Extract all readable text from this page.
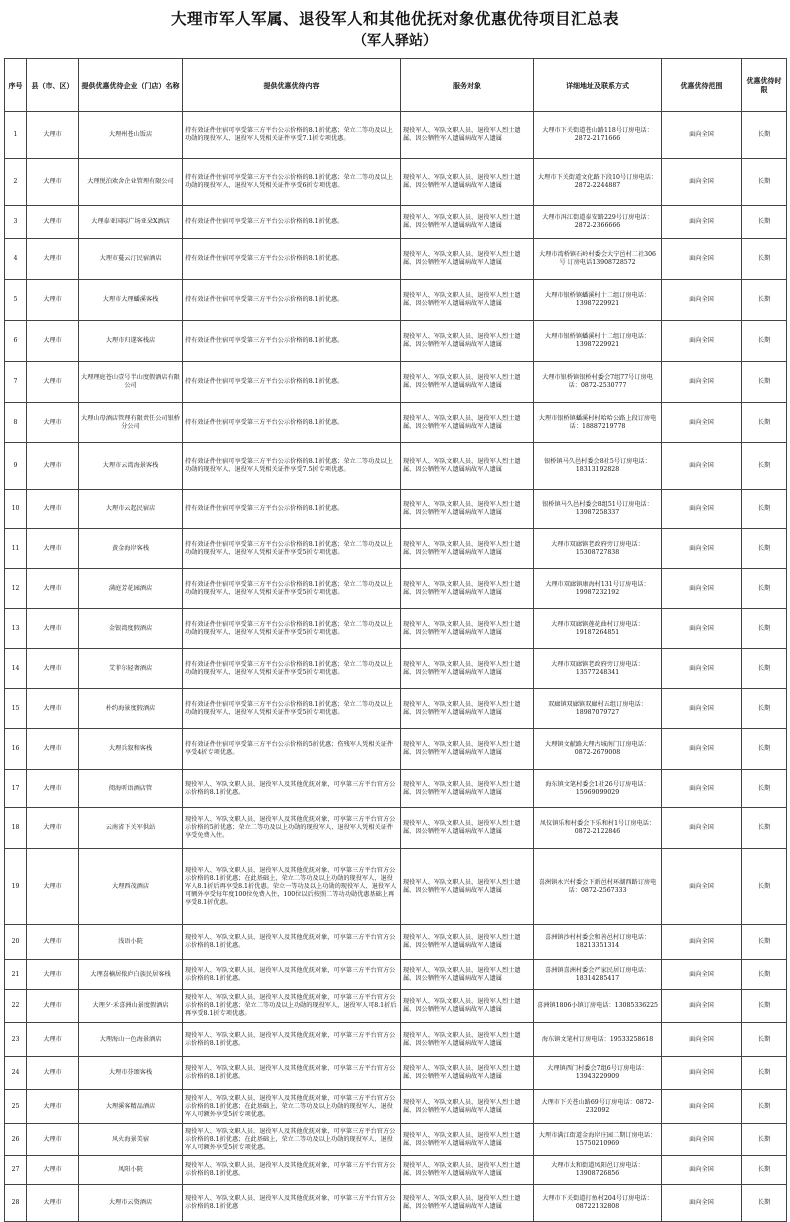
大理市军人军属、退役军人和其他优抚对象优惠优待项目汇总表
（军人驿站）
序号	县（市、区）	提供优惠优待企业（门店）名称	提供优惠优待内容	服务对象	详细地址及联系方式	优惠优待范围	优惠优待时限
1	大理市	大理州苍山饭店	持有效证件住宿可享受第三方平台公示价格的8.1折优惠；荣立二等功及以上功勋的现役军人、退役军人凭相关证件享受7.1折专项优惠。	现役军人、军队文职人员、退役军人烈士遗属、因公牺牲军人遗属病故军人遗属	大理市下关街道苍山路118号订房电话：2872-2171666	面向全国	长期
2	大理市	大理悦泊欢舍企业管理有限公司	持有效证件住宿可享受第三方平台公示价格的8.1折优惠；荣立二等功及以上功勋的现役军人、退役军人凭相关证件享受6折专项优惠。	现役军人、军队文职人员、退役军人烈士遗属、因公牺牲军人遗属病故军人遗属	大理市下关街道文化路下段10号订房电话：2872-2244887	面向全国	长期
3	大理市	大理泰亚国际广场亚朵X酒店	持有效证件住宿可享受第三方平台公示价格的8.1折优惠。	现役军人、军队文职人员、退役军人烈士遗属、因公牺牲军人遗属病故军人遗属	大理市洱江街道泰安路229号订房电话：2872-2366666	面向全国	长期
4	大理市	大理市蔓云汀民宿酒店	持有效证件住宿可享受第三方平台公示价格的8.1折优惠。	现役军人、军队文职人员、退役军人烈士遗属、因公牺牲军人遗属病故军人遗属	大理市湾桥镇石岭村委会大宁邑村二社306号 订房电话13908728572	面向全国	长期
5	大理市	大理市大理蟠溪客栈	持有效证件住宿可享受第三方平台公示价格的8.1折优惠。	现役军人、军队文职人员、退役军人烈士遗属、因公牺牲军人遗属病故军人遗属	大理市银桥镇蟠溪村十二组订房电话：13987229921	面向全国	长期
6	大理市	大理市归遂客栈店	持有效证件住宿可享受第三方平台公示价格的8.1折优惠。	现役军人、军队文职人员、退役军人烈士遗属、因公牺牲军人遗属病故军人遗属	大理市银桥镇蟠溪村十二组订房电话：13987229921	面向全国	长期
7	大理市	大理理庭苍山壹号半山度假酒店有限公司	持有效证件住宿可享受第三方平台公示价格的8.1折优惠。	现役军人、军队文职人员、退役军人烈士遗属、因公牺牲军人遗属病故军人遗属	大理市银桥镇银桥村委会7组77号订房电话：0872-2530777	面向全国	长期
8	大理市	大理山母酒店管理有限责任公司银桥分公司	持有效证件住宿可享受第三方平台公示价格的8.1折优惠。	现役军人、军队文职人员、退役军人烈士遗属、因公牺牲军人遗属病故军人遗属	大理市银桥镇蟠溪村村哈哈公路上段订房电话：18887219778	面向全国	长期
9	大理市	大理市云湾海景客栈	持有效证件住宿可享受第三方平台公示价格的8.1折优惠；荣立二等功及以上功勋的现役军人、退役军人凭相关证件享受7.5折专项优惠。	现役军人、军队文职人员、退役军人烈士遗属、因公牺牲军人遗属病故军人遗属	银桥镇马久邑村委会8社5号订房电话：18313192828	面向全国	长期
10	大理市	大理市云起民宿店	持有效证件住宿可享受第三方平台公示价格的8.1折优惠。	现役军人、军队文职人员、退役军人烈士遗属、因公牺牲军人遗属病故军人遗属	银桥镇马久邑村委会8组51号订房电话：13987258337	面向全国	长期
11	大理市	黄金海岸客栈	持有效证件住宿可享受第三方平台公示价格的8.1折优惠；荣立二等功及以上功勋的现役军人、退役军人凭相关证件享受5折专项优惠。	现役军人、军队文职人员、退役军人烈士遗属、因公牺牲军人遗属病故军人遗属	大理市双廊镇老政府旁订房电话：15308727838	面向全国	长期
12	大理市	满庭芳花园酒店	持有效证件住宿可享受第三方平台公示价格的8.1折优惠；荣立二等功及以上功勋的现役军人、退役军人凭相关证件享受5折专项优惠。	现役军人、军队文职人员、退役军人烈士遗属、因公牺牲军人遗属病故军人遗属	大理市双廊镇康海村131号订房电话：19987232192	面向全国	长期
13	大理市	金银湾度假酒店	持有效证件住宿可享受第三方平台公示价格的8.1折优惠；荣立二等功及以上功勋的现役军人、退役军人凭相关证件享受5折专项优惠。	现役军人、军队文职人员、退役军人烈士遗属、因公牺牲军人遗属病故军人遗属	大理市双廊镇莲花曲村订房电话：19187264851	面向全国	长期
14	大理市	艾菲尔轻奢酒店	持有效证件住宿可享受第三方平台公示价格的8.1折优惠；荣立二等功及以上功勋的现役军人、退役军人凭相关证件享受5折专项优惠。	现役军人、军队文职人员、退役军人烈士遗属、因公牺牲军人遗属病故军人遗属	大理市双廊镇老政府旁订房电话：13577248341	面向全国	长期
15	大理市	朴约海景度假酒店	持有效证件住宿可享受第三方平台公示价格的8.1折优惠；荣立二等功及以上功勋的现役军人、退役军人凭相关证件享受5折专项优惠。	现役军人、军队文职人员、退役军人烈士遗属、因公牺牲军人遗属病故军人遗属	双廊镇双廊镇双廊村五组订房电话：18987079727	面向全国	长期
16	大理市	大理兵叙和客栈	持有效证件住宿可享受第三方平台公示价格的5折优惠；伤残军人凭相关证件享受4折专项优惠。	现役军人、军队文职人员、退役军人烈士遗属、因公牺牲军人遗属病故军人遗属	大理镇文献路大理古城南门订房电话：0872-2679008	面向全国	长期
17	大理市	阅海听语酒店管	现役军人、军队文职人员、退役军人及其他优抚对象，可享第三方平台官方公示价格的8.1折优惠。	现役军人、军队文职人员、退役军人烈士遗属、因公牺牲军人遗属病故军人遗属	海东镇文笔村委会1社26号订房电话：15969099029	面向全国	长期
18	大理市	云南省下关军供站	现役军人、军队文职人员、退役军人及其他优抚对象，可享第三方平台官方公示价格的5折优惠；荣立二等功及以上功勋的现役军人、退役军人凭相关证件享受免费入住。	现役军人、军队文职人员、退役军人烈士遗属、因公牺牲军人遗属病故军人遗属	凤仪镇乐和村委会下乐和村1号订房电话：0872-2122846	面向全国	长期
19	大理市	大理西茂酒店	现役军人、军队文职人员、退役军人及其他优抚对象，可享第三方平台官方公示价格的8.1折优惠；在此基础上，荣立二等功及以上功勋的现役军人、退役军人8.1折后再享受8.1折优惠。荣立一等功及以上功勋的现役军人、退役军人可额外享受每年度100位免费入住，100位以后按照二等功功勋优惠基础上再享受8.1折优惠。	现役军人、军队文职人员、退役军人烈士遗属、因公牺牲军人遗属病故军人遗属	喜洲镇永兴村委会下新邑村环湖西路订房电话：0872-2567333	面向全国	长期
20	大理市	浅语小院	现役军人、军队文职人员、退役军人及其他优抚对象，可享第三方平台官方公示价格的8.1折优惠。	现役军人、军队文职人员、退役军人烈士遗属、因公牺牲军人遗属病故军人遗属	喜洲镇沙村村委会和善邑村订房电话：18213351314	面向全国	长期
21	大理市	大理喜楠居侬庐白族民居客栈	现役军人、军队文职人员、退役军人及其他优抚对象，可享第三方平台官方公示价格的8.1折优惠。	现役军人、军队文职人员、退役军人烈士遗属、因公牺牲军人遗属病故军人遗属	喜洲镇喜洲村委会严家民居订房电话：18314285417	面向全国	长期
22	大理市	大理夕·禾喜洲山景度假酒店	现役军人、军队文职人员、退役军人及其他优抚对象，可享第三方平台官方公示价格的8.1折优惠；荣立二等功及以上功勋的现役军人、退役军人可8.1折后再享受8.1折专项优惠。	现役军人、军队文职人员、退役军人烈士遗属、因公牺牲军人遗属病故军人遗属	喜洲镇1806小镇订房电话：13085336225	面向全国	长期
23	大理市	大理海山一色海景酒店	现役军人、军队文职人员、退役军人及其他优抚对象，可享第三方平台官方公示价格的8.1折优惠。	现役军人、军队文职人员、退役军人烈士遗属、因公牺牲军人遗属病故军人遗属	海东镇文笔村订房电话：19533258618	面向全国	长期
24	大理市	大理市芬颂客栈	现役军人、军队文职人员、退役军人及其他优抚对象，可享第三方平台官方公示价格的8.1折优惠。	现役军人、军队文职人员、退役军人烈士遗属、因公牺牲军人遗属病故军人遗属	大理镇西门村委会7组6号订房电话：13943229909	面向全国	长期
25	大理市	大理溪客精品酒店	现役军人、军队文职人员、退役军人及其他优抚对象，可享第三方平台官方公示价格的8.1折优惠；在此基础上，荣立二等功及以上功勋的现役军人、退役军人可额外享受5折专项优惠。	现役军人、军队文职人员、退役军人烈士遗属、因公牺牲军人遗属病故军人遗属	大理市下关苍山路69号订房电话：0872-232092	面向全国	长期
26	大理市	风火海景美宿	现役军人、军队文职人员、退役军人及其他优抚对象，可享第三方平台官方公示价格的8.1折优惠；在此基础上，荣立二等功及以上功勋的现役军人、退役军人可额外享受5折专项优惠。	现役军人、军队文职人员、退役军人烈士遗属、因公牺牲军人遗属病故军人遗属	大理市满江街道金海岸庄园二期订房电话：15750210969	面向全国	长期
27	大理市	凤阳小院	现役军人、军队文职人员、退役军人及其他优抚对象，可享第三方平台官方公示价格的8.1折优惠。	现役军人、军队文职人员、退役军人烈士遗属、因公牺牲军人遗属病故军人遗属	大理市太和街道凤阳邑订房电话：13908726856	面向全国	长期
28	大理市	大理市云资酒店	现役军人、军队文职人员、退役军人及其他优抚对象，可享第三方平台官方公示价格的8.1折优惠	现役军人、军队文职人员、退役军人烈士遗属、因公牺牲军人遗属病故军人遗属	大理市下关街道打鱼村204号订房电话：08722132808	面向全国	长期
